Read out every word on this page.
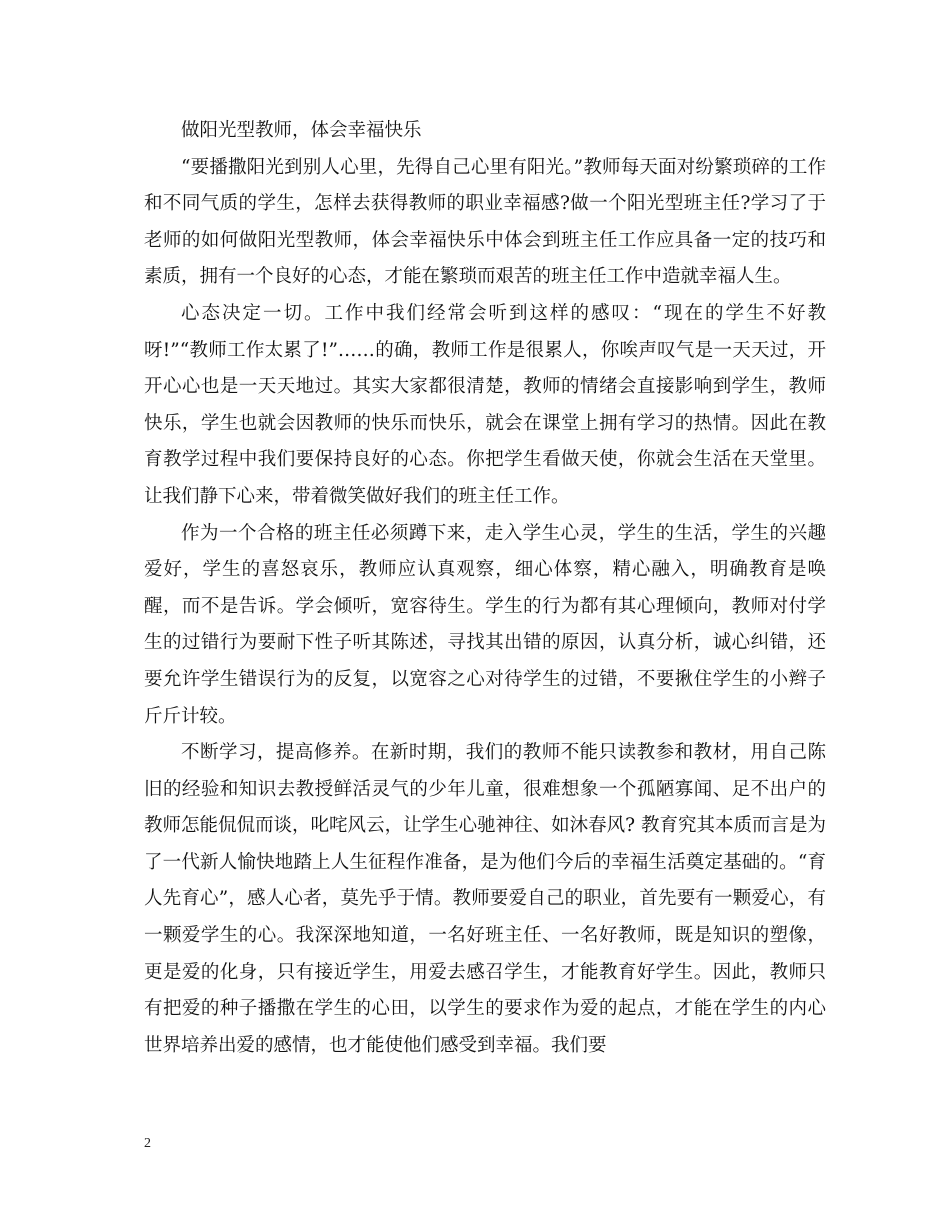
做阳光型教师，体会幸福快乐

“要播撒阳光到别人心里，先得自己心里有阳光。”教师每天面对纷繁琐碎的工作和不同气质的学生，怎样去获得教师的职业幸福感?做一个阳光型班主任?学习了于老师的如何做阳光型教师，体会幸福快乐中体会到班主任工作应具备一定的技巧和素质，拥有一个良好的心态，才能在繁琐而艰苦的班主任工作中造就幸福人生。

心态决定一切。工作中我们经常会听到这样的感叹：“现在的学生不好教呀!”“教师工作太累了!”……的确，教师工作是很累人，你唉声叹气是一天天过，开开心心也是一天天地过。其实大家都很清楚，教师的情绪会直接影响到学生，教师快乐，学生也就会因教师的快乐而快乐，就会在课堂上拥有学习的热情。因此在教育教学过程中我们要保持良好的心态。你把学生看做天使，你就会生活在天堂里。让我们静下心来，带着微笑做好我们的班主任工作。

作为一个合格的班主任必须蹲下来，走入学生心灵，学生的生活，学生的兴趣爱好，学生的喜怒哀乐，教师应认真观察，细心体察，精心融入，明确教育是唤醒，而不是告诉。学会倾听，宽容待生。学生的行为都有其心理倾向，教师对付学生的过错行为要耐下性子听其陈述，寻找其出错的原因，认真分析，诚心纠错，还要允许学生错误行为的反复，以宽容之心对待学生的过错，不要揪住学生的小辫子斤斤计较。

不断学习，提高修养。在新时期，我们的教师不能只读教参和教材，用自己陈旧的经验和知识去教授鲜活灵气的少年儿童，很难想象一个孤陋寡闻、足不出户的教师怎能侃侃而谈，叱咤风云，让学生心驰神往、如沐春风? 教育究其本质而言是为了一代新人愉快地踏上人生征程作准备，是为他们今后的幸福生活奠定基础的。“育人先育心”，感人心者，莫先乎于情。教师要爱自己的职业，首先要有一颗爱心，有一颗爱学生的心。我深深地知道，一名好班主任、一名好教师，既是知识的塑像，更是爱的化身，只有接近学生，用爱去感召学生，才能教育好学生。因此，教师只有把爱的种子播撒在学生的心田，以学生的要求作为爱的起点，才能在学生的内心世界培养出爱的感情，也才能使他们感受到幸福。我们要

2
